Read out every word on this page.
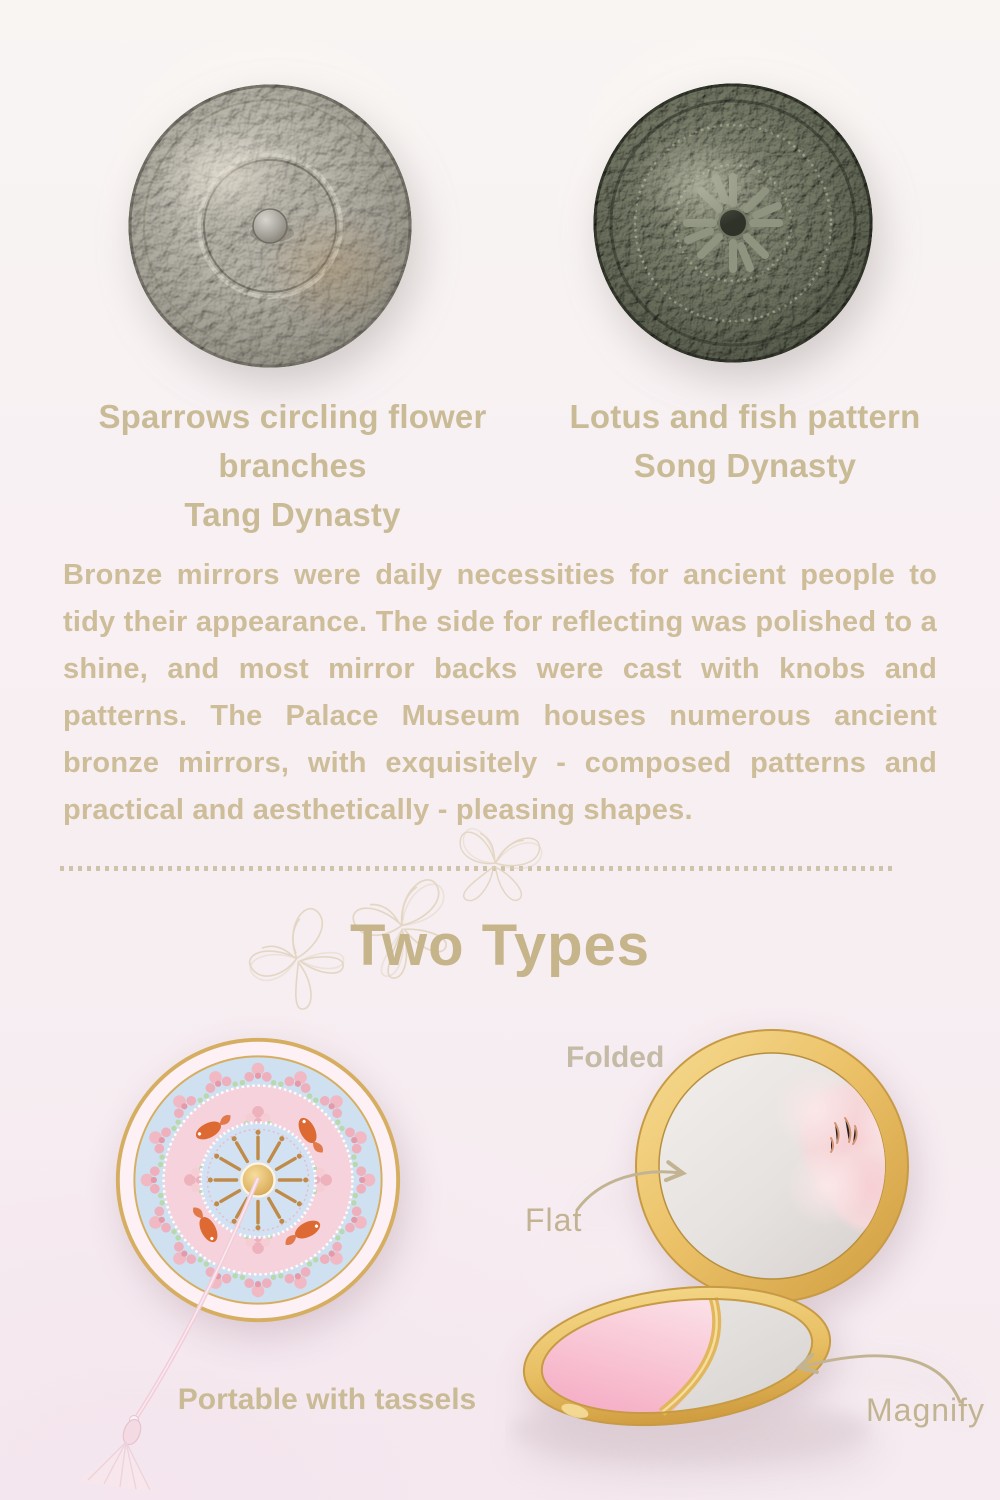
Sparrows circling flower branches
Tang Dynasty
Lotus and fish pattern
Song Dynasty
Bronze mirrors were daily necessities for ancient people to tidy their appearance. The side for reflecting was polished to a shine, and most mirror backs were cast with knobs and patterns. The Palace Museum houses numerous ancient bronze mirrors, with exquisitely - composed patterns and practical and aesthetically - pleasing shapes.
Two Types
Portable with tassels
Folded
Flat
Magnify
